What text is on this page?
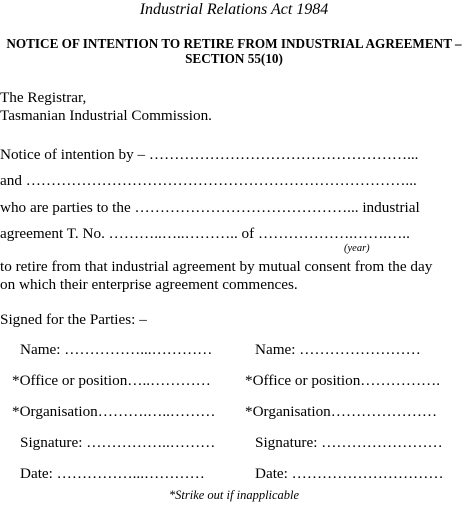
Industrial Relations Act 1984
NOTICE OF INTENTION TO RETIRE FROM INDUSTRIAL AGREEMENT –
SECTION 55(10)
The Registrar,
Tasmanian Industrial Commission.
Notice of intention by – ……………………………………………...
and …………………………………………………………………...
who are parties to the ……………………………………... industrial
agreement T. No. ………..…..……….. of ……………….…….…..
(year)
to retire from that industrial agreement by mutual consent from the day
on which their enterprise agreement commences.
Signed for the Parties: –
Name: ……………...…………
*Office or position…..…………
*Organisation……….…..………
Signature: ……………..………
Date: ……………...…………
Name: ……………………
*Office or position…………….
*Organisation…………………
Signature: ……………………
Date: …………………………
*Strike out if inapplicable
